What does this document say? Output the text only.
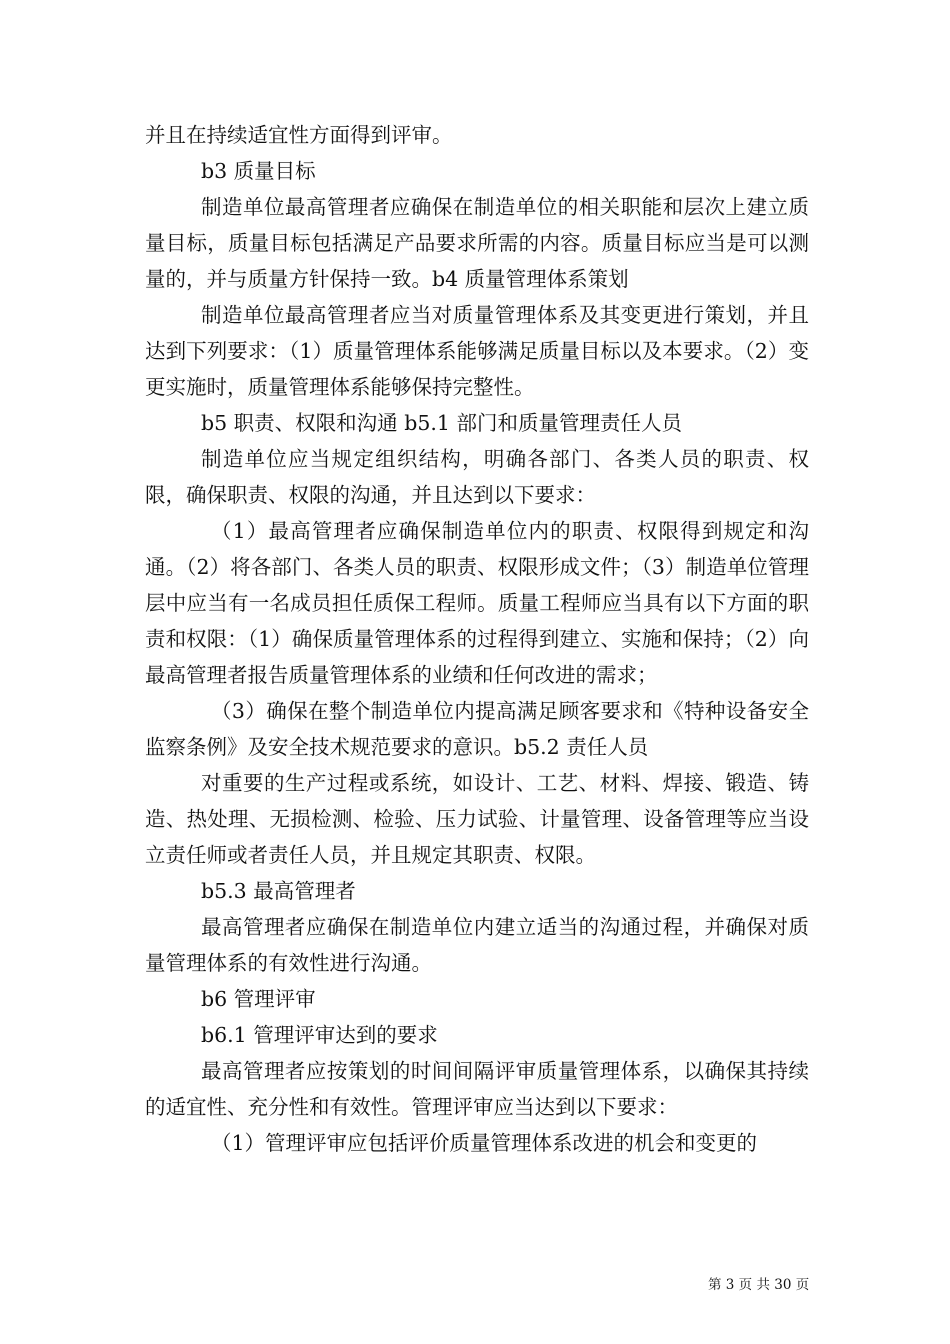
并且在持续适宜性方面得到评审。

b3 质量目标

制造单位最高管理者应确保在制造单位的相关职能和层次上建立质量目标，质量目标包括满足产品要求所需的内容。质量目标应当是可以测量的，并与质量方针保持一致。b4 质量管理体系策划

制造单位最高管理者应当对质量管理体系及其变更进行策划，并且达到下列要求：（1）质量管理体系能够满足质量目标以及本要求。（2）变更实施时，质量管理体系能够保持完整性。

b5 职责、权限和沟通 b5.1 部门和质量管理责任人员

制造单位应当规定组织结构，明确各部门、各类人员的职责、权限，确保职责、权限的沟通，并且达到以下要求：

（1）最高管理者应确保制造单位内的职责、权限得到规定和沟通。（2）将各部门、各类人员的职责、权限形成文件；（3）制造单位管理层中应当有一名成员担任质保工程师。质量工程师应当具有以下方面的职责和权限：（1）确保质量管理体系的过程得到建立、实施和保持；（2）向最高管理者报告质量管理体系的业绩和任何改进的需求；

（3）确保在整个制造单位内提高满足顾客要求和《特种设备安全监察条例》及安全技术规范要求的意识。b5.2 责任人员

对重要的生产过程或系统，如设计、工艺、材料、焊接、锻造、铸造、热处理、无损检测、检验、压力试验、计量管理、设备管理等应当设立责任师或者责任人员，并且规定其职责、权限。

b5.3 最高管理者

最高管理者应确保在制造单位内建立适当的沟通过程，并确保对质量管理体系的有效性进行沟通。

b6 管理评审

b6.1 管理评审达到的要求

最高管理者应按策划的时间间隔评审质量管理体系，以确保其持续的适宜性、充分性和有效性。管理评审应当达到以下要求：

（1）管理评审应包括评价质量管理体系改进的机会和变更的

第 3 页 共 30 页
